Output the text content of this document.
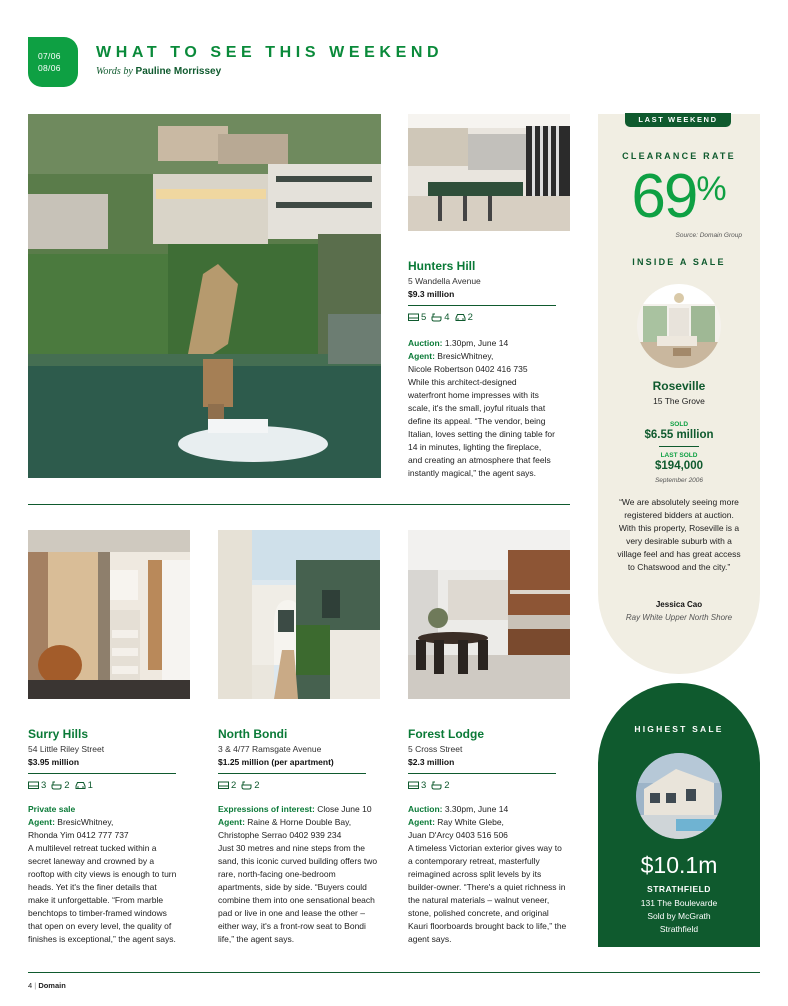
07/06
08/06
WHAT TO SEE THIS WEEKEND
Words by Pauline Morrissey
Hunters Hill
5 Wandella Avenue
$9.3 million
5 4 2
Auction: 1.30pm, June 14
Agent: BresicWhitney,
Nicole Robertson 0402 416 735
While this architect-designed waterfront home impresses with its scale, it's the small, joyful rituals that define its appeal. “The vendor, being Italian, loves setting the dining table for 14 in minutes, lighting the fireplace, and creating an atmosphere that feels instantly magical,” the agent says.
Surry Hills
54 Little Riley Street
$3.95 million
3 2 1
Private sale
Agent: BresicWhitney,
Rhonda Yim 0412 777 737
A multilevel retreat tucked within a secret laneway and crowned by a rooftop with city views is enough to turn heads. Yet it's the finer details that make it unforgettable. “From marble benchtops to timber-framed windows that open on every level, the quality of finishes is exceptional,” the agent says.
North Bondi
3 & 4/77 Ramsgate Avenue
$1.25 million (per apartment)
2 2
Expressions of interest: Close June 10
Agent: Raine & Horne Double Bay,
Christophe Serrao 0402 939 234
Just 30 metres and nine steps from the sand, this iconic curved building offers two rare, north-facing one-bedroom apartments, side by side. “Buyers could combine them into one sensational beach pad or live in one and lease the other – either way, it's a front-row seat to Bondi life,” the agent says.
Forest Lodge
5 Cross Street
$2.3 million
3 2
Auction: 3.30pm, June 14
Agent: Ray White Glebe,
Juan D'Arcy 0403 516 506
A timeless Victorian exterior gives way to a contemporary retreat, masterfully reimagined across split levels by its builder-owner. “There's a quiet richness in the natural materials – walnut veneer, stone, polished concrete, and original Kauri floorboards brought back to life,” the agent says.
LAST WEEKEND
CLEARANCE RATE
69%
Source: Domain Group
INSIDE A SALE
Roseville
15 The Grove
SOLD
$6.55 million
LAST SOLD
$194,000
September 2006
“We are absolutely seeing more registered bidders at auction. With this property, Roseville is a very desirable suburb with a village feel and has great access to Chatswood and the city.”
Jessica Cao
Ray White Upper North Shore
HIGHEST SALE
$10.1m
STRATHFIELD
131 The Boulevarde
Sold by McGrath
Strathfield
4 | Domain
